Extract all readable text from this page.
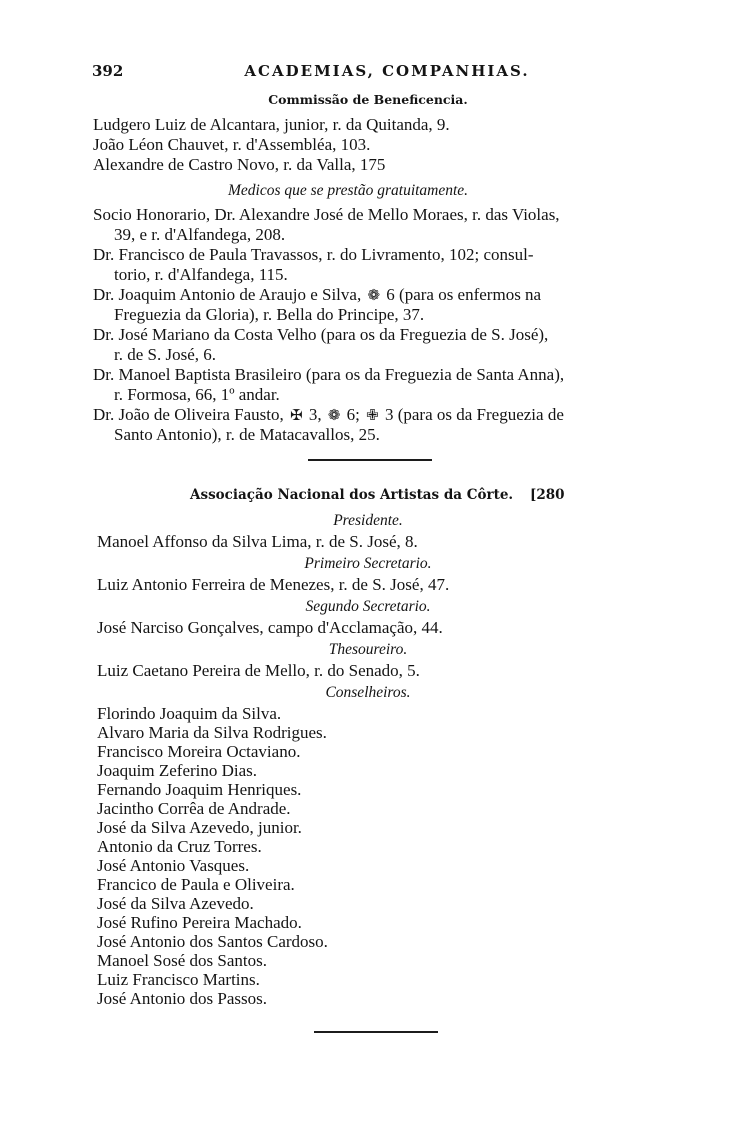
392	ACADEMIAS, COMPANHIAS.
Commissão de Beneficencia.
Ludgero Luiz de Alcantara, junior, r. da Quitanda, 9.
João Léon Chauvet, r. d'Assembléa, 103.
Alexandre de Castro Novo, r. da Valla, 175
Medicos que se prestão gratuitamente.
Socio Honorario, Dr. Alexandre José de Mello Moraes, r. das Violas,
39, e r. d'Alfandega, 208.
Dr. Francisco de Paula Travassos, r. do Livramento, 102; consul-
torio, r. d'Alfandega, 115.
Dr. Joaquim Antonio de Araujo e Silva, ❁ 6 (para os enfermos na
Freguezia da Gloria), r. Bella do Principe, 37.
Dr. José Mariano da Costa Velho (para os da Freguezia de S. José),
r. de S. José, 6.
Dr. Manoel Baptista Brasileiro (para os da Freguezia de Santa Anna),
r. Formosa, 66, 1º andar.
Dr. João de Oliveira Fausto, ✠ 3, ❁ 6; ✙ 3 (para os da Freguezia de
Santo Antonio), r. de Matacavallos, 25.
Associação Nacional dos Artistas da Côrte. [280
Presidente.
Manoel Affonso da Silva Lima, r. de S. José, 8.
Primeiro Secretario.
Luiz Antonio Ferreira de Menezes, r. de S. José, 47.
Segundo Secretario.
José Narciso Gonçalves, campo d'Acclamação, 44.
Thesoureiro.
Luiz Caetano Pereira de Mello, r. do Senado, 5.
Conselheiros.
Florindo Joaquim da Silva.
Alvaro Maria da Silva Rodrigues.
Francisco Moreira Octaviano.
Joaquim Zeferino Dias.
Fernando Joaquim Henriques.
Jacintho Corrêa de Andrade.
José da Silva Azevedo, junior.
Antonio da Cruz Torres.
José Antonio Vasques.
Francico de Paula e Oliveira.
José da Silva Azevedo.
José Rufino Pereira Machado.
José Antonio dos Santos Cardoso.
Manoel Sosé dos Santos.
Luiz Francisco Martins.
José Antonio dos Passos.
